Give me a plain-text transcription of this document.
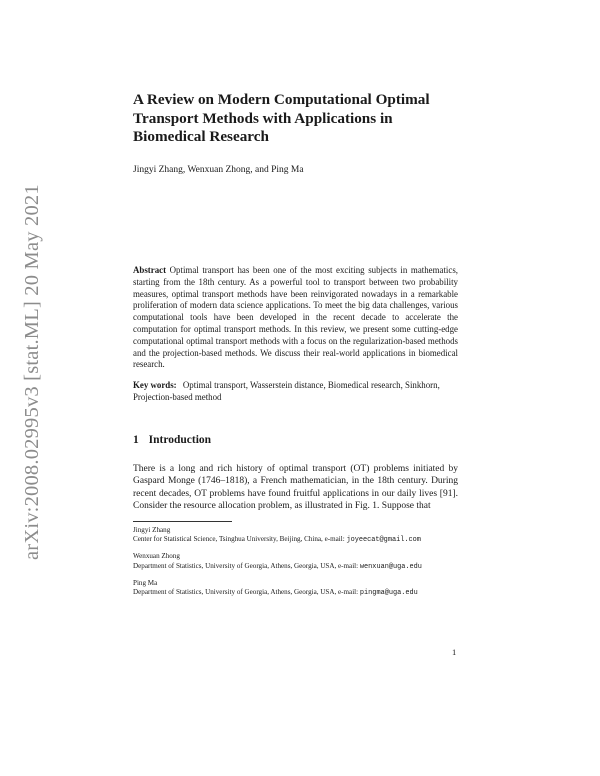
arXiv:2008.02995v3 [stat.ML] 20 May 2021
A Review on Modern Computational Optimal Transport Methods with Applications in Biomedical Research
Jingyi Zhang, Wenxuan Zhong, and Ping Ma

Abstract Optimal transport has been one of the most exciting subjects in mathematics, starting from the 18th century. As a powerful tool to transport between two probability measures, optimal transport methods have been reinvigorated nowadays in a remarkable proliferation of modern data science applications. To meet the big data challenges, various computational tools have been developed in the recent decade to accelerate the computation for optimal transport methods. In this review, we present some cutting-edge computational optimal transport methods with a focus on the regularization-based methods and the projection-based methods. We discuss their real-world applications in biomedical research.

Key words: Optimal transport, Wasserstein distance, Biomedical research, Sinkhorn, Projection-based method

1 Introduction

There is a long and rich history of optimal transport (OT) problems initiated by Gaspard Monge (1746–1818), a French mathematician, in the 18th century. During recent decades, OT problems have found fruitful applications in our daily lives [91]. Consider the resource allocation problem, as illustrated in Fig. 1. Suppose that

Jingyi Zhang
Center for Statistical Science, Tsinghua University, Beijing, China, e-mail: joyeecat@gmail.com
Wenxuan Zhong
Department of Statistics, University of Georgia, Athens, Georgia, USA, e-mail: wenxuan@uga.edu
Ping Ma
Department of Statistics, University of Georgia, Athens, Georgia, USA, e-mail: pingma@uga.edu
1
